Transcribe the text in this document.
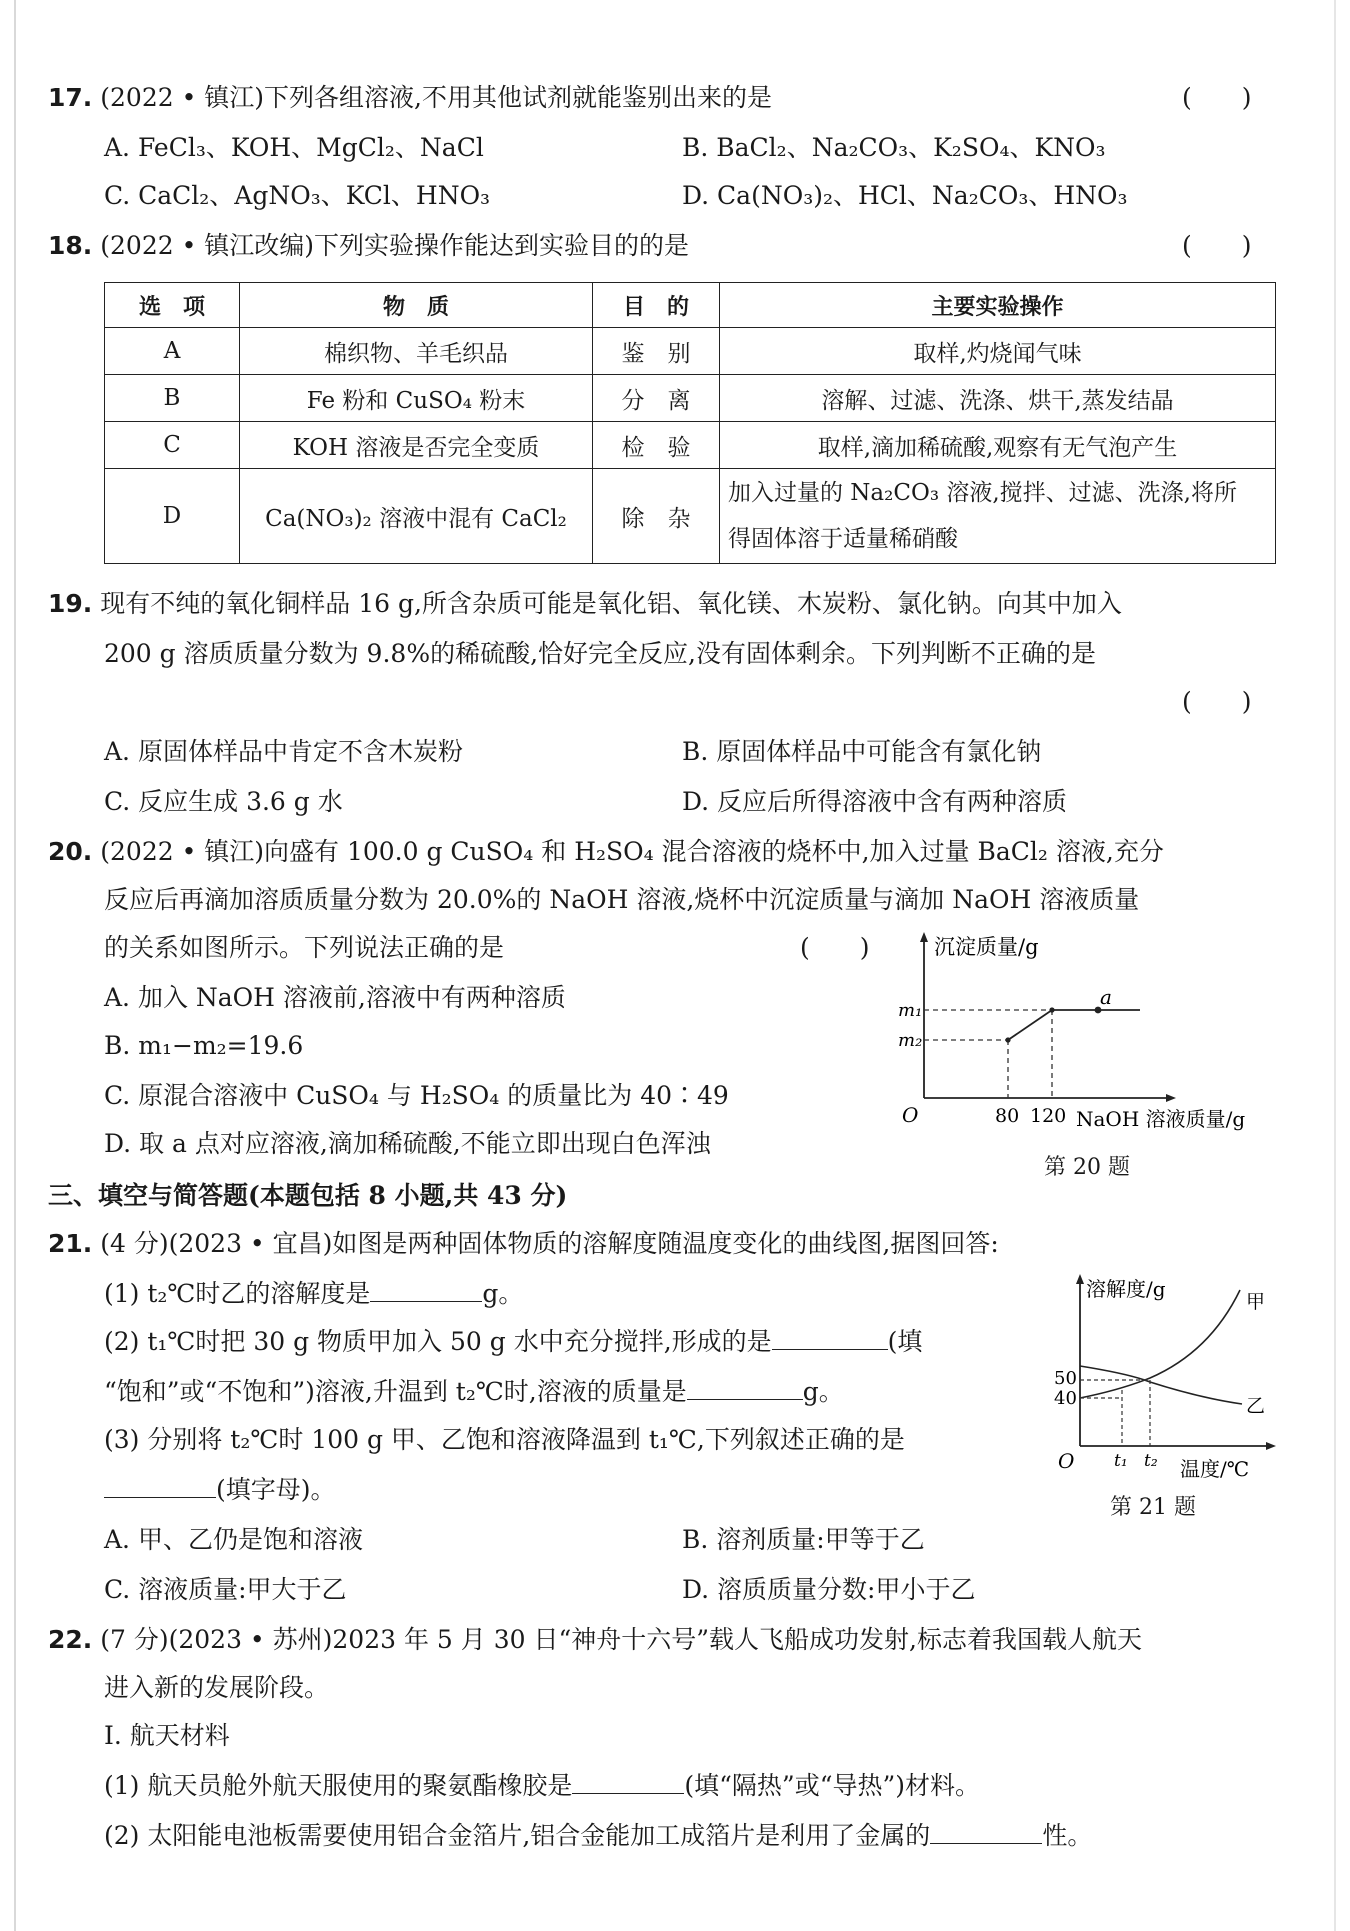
17. (2022 • 镇江)下列各组溶液,不用其他试剂就能鉴别出来的是	(　　)
A. FeCl₃、KOH、MgCl₂、NaCl	B. BaCl₂、Na₂CO₃、K₂SO₄、KNO₃
C. CaCl₂、AgNO₃、KCl、HNO₃	D. Ca(NO₃)₂、HCl、Na₂CO₃、HNO₃
18. (2022 • 镇江改编)下列实验操作能达到实验目的的是	(　　)
选　项	物　质	目　的	主要实验操作
A	棉织物、羊毛织品	鉴　别	取样,灼烧闻气味
B	Fe 粉和 CuSO₄ 粉末	分　离	溶解、过滤、洗涤、烘干,蒸发结晶
C	KOH 溶液是否完全变质	检　验	取样,滴加稀硫酸,观察有无气泡产生
D	Ca(NO₃)₂ 溶液中混有 CaCl₂	除　杂	加入过量的 Na₂CO₃ 溶液,搅拌、过滤、洗涤,将所
得固体溶于适量稀硝酸
19. 现有不纯的氧化铜样品 16 g,所含杂质可能是氧化铝、氧化镁、木炭粉、氯化钠。向其中加入
200 g 溶质质量分数为 9.8%的稀硫酸,恰好完全反应,没有固体剩余。下列判断不正确的是
(　　)
A. 原固体样品中肯定不含木炭粉	B. 原固体样品中可能含有氯化钠
C. 反应生成 3.6 g 水	D. 反应后所得溶液中含有两种溶质
20. (2022 • 镇江)向盛有 100.0 g CuSO₄ 和 H₂SO₄ 混合溶液的烧杯中,加入过量 BaCl₂ 溶液,充分
反应后再滴加溶质质量分数为 20.0%的 NaOH 溶液,烧杯中沉淀质量与滴加 NaOH 溶液质量
的关系如图所示。下列说法正确的是	(　　)
A. 加入 NaOH 溶液前,溶液中有两种溶质
B. m₁−m₂=19.6
C. 原混合溶液中 CuSO₄ 与 H₂SO₄ 的质量比为 40∶49
D. 取 a 点对应溶液,滴加稀硫酸,不能立即出现白色浑浊
a
沉淀质量/g
m₁
m₂
O	80 120 NaOH 溶液质量/g
第 20 题
三、填空与简答题(本题包括 8 小题,共 43 分)
21. (4 分)(2023 • 宜昌)如图是两种固体物质的溶解度随温度变化的曲线图,据图回答:
(1) t₂℃时乙的溶解度是	g。
(2) t₁℃时把 30 g 物质甲加入 50 g 水中充分搅拌,形成的是	(填
“饱和”或“不饱和”)溶液,升温到 t₂℃时,溶液的质量是	g。
(3) 分别将 t₂℃时 100 g 甲、乙饱和溶液降温到 t₁℃,下列叙述正确的是
(填字母)。
A. 甲、乙仍是饱和溶液	B. 溶剂质量:甲等于乙
C. 溶液质量:甲大于乙	D. 溶质质量分数:甲小于乙
溶解度/g
50
40
O t₁ t₂ 温度/℃
甲
乙
第 21 题
22. (7 分)(2023 • 苏州)2023 年 5 月 30 日“神舟十六号”载人飞船成功发射,标志着我国载人航天
进入新的发展阶段。
Ⅰ. 航天材料
(1) 航天员舱外航天服使用的聚氨酯橡胶是	(填“隔热”或“导热”)材料。
(2) 太阳能电池板需要使用铝合金箔片,铝合金能加工成箔片是利用了金属的	性。
